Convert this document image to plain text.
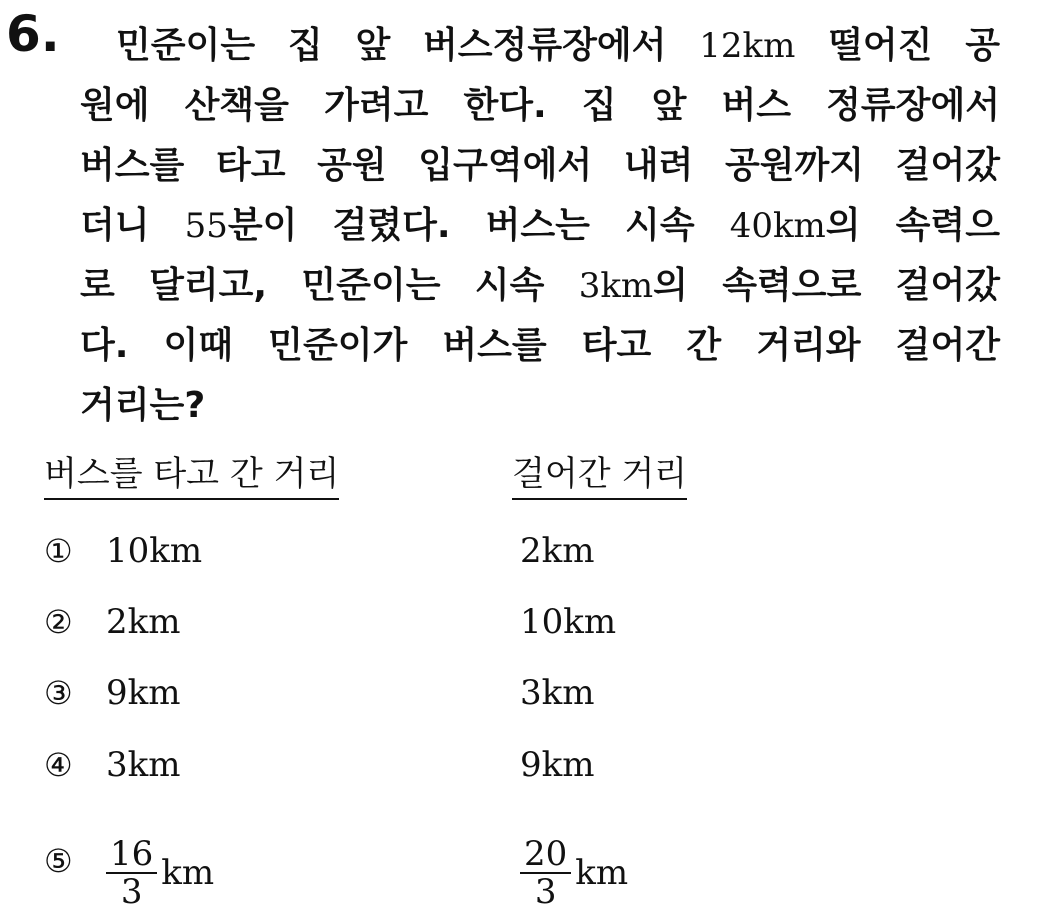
6.	민준이는 집 앞 버스정류장에서 12km 떨어진 공
원에 산책을 가려고 한다. 집 앞 버스 정류장에서
버스를 타고 공원 입구역에서 내려 공원까지 걸어갔
더니 55분이 걸렸다. 버스는 시속 40km의 속력으
로 달리고, 민준이는 시속 3km의 속력으로 걸어갔
다. 이때 민준이가 버스를 타고 간 거리와 걸어간
거리는?
버스를 타고 간 거리	걸어간 거리
① 10km	2km
② 2km	10km
③ 9km	3km
④ 3km	9km
⑤ $\frac{16}{3}$ km	$\frac{20}{3}$ km
